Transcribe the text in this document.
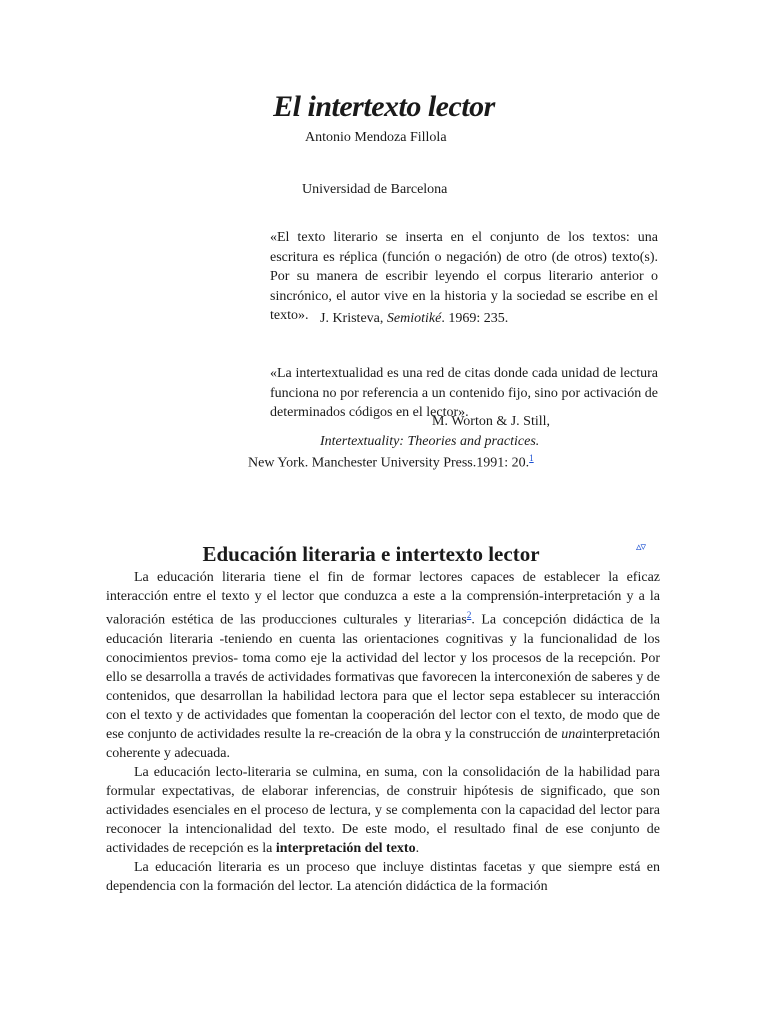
El intertexto lector
Antonio Mendoza Fillola
Universidad de Barcelona
«El texto literario se inserta en el conjunto de los textos: una escritura es réplica (función o negación) de otro (de otros) texto(s). Por su manera de escribir leyendo el corpus literario anterior o sincrónico, el autor vive en la historia y la sociedad se escribe en el texto». J. Kristeva, Semiotiké. 1969: 235.
«La intertextualidad es una red de citas donde cada unidad de lectura funciona no por referencia a un contenido fijo, sino por activación de determinados códigos en el lector».
M. Worton & J. Still,
Intertextuality: Theories and practices.
New York. Manchester University Press.1991: 20.$^1$
▵▿
Educación literaria e intertexto lector

La educación literaria tiene el fin de formar lectores capaces de establecer la eficaz interacción entre el texto y el lector que conduzca a este a la comprensión-interpretación y a la valoración estética de las producciones culturales y literarias$^2$. La concepción didáctica de la educación literaria -teniendo en cuenta las orientaciones cognitivas y la funcionalidad de los conocimientos previos- toma como eje la actividad del lector y los procesos de la recepción. Por ello se desarrolla a través de actividades formativas que favorecen la interconexión de saberes y de contenidos, que desarrollan la habilidad lectora para que el lector sepa establecer su interacción con el texto y de actividades que fomentan la cooperación del lector con el texto, de modo que de ese conjunto de actividades resulte la re-creación de la obra y la construcción de unainterpretación coherente y adecuada.

La educación lecto-literaria se culmina, en suma, con la consolidación de la habilidad para formular expectativas, de elaborar inferencias, de construir hipótesis de significado, que son actividades esenciales en el proceso de lectura, y se complementa con la capacidad del lector para reconocer la intencionalidad del texto. De este modo, el resultado final de ese conjunto de actividades de recepción es la interpretación del texto.

La educación literaria es un proceso que incluye distintas facetas y que siempre está en dependencia con la formación del lector. La atención didáctica de la formación
